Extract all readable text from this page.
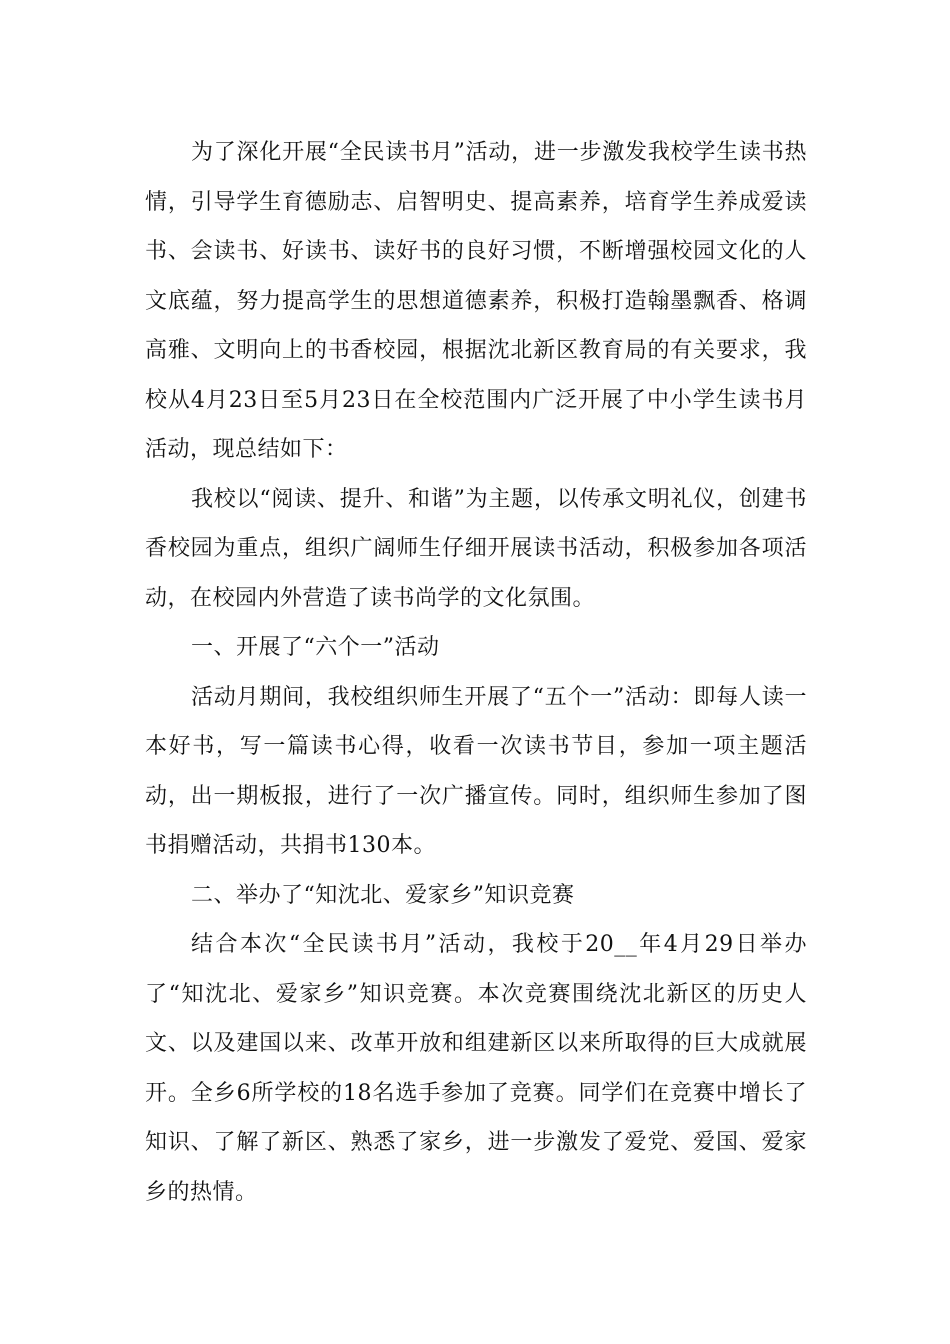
为了深化开展“全民读书月”活动，进一步激发我校学生读书热情，引导学生育德励志、启智明史、提高素养，培育学生养成爱读书、会读书、好读书、读好书的良好习惯，不断增强校园文化的人文底蕴，努力提高学生的思想道德素养，积极打造翰墨飘香、格调高雅、文明向上的书香校园，根据沈北新区教育局的有关要求，我校从4月23日至5月23日在全校范围内广泛开展了中小学生读书月活动，现总结如下：

我校以“阅读、提升、和谐”为主题，以传承文明礼仪，创建书香校园为重点，组织广阔师生仔细开展读书活动，积极参加各项活动，在校园内外营造了读书尚学的文化氛围。

一、开展了“六个一”活动

活动月期间，我校组织师生开展了“五个一”活动：即每人读一本好书，写一篇读书心得，收看一次读书节目，参加一项主题活动，出一期板报，进行了一次广播宣传。同时，组织师生参加了图书捐赠活动，共捐书130本。

二、举办了“知沈北、爱家乡”知识竞赛

结合本次“全民读书月”活动，我校于20__年4月29日举办了“知沈北、爱家乡”知识竞赛。本次竞赛围绕沈北新区的历史人文、以及建国以来、改革开放和组建新区以来所取得的巨大成就展开。全乡6所学校的18名选手参加了竞赛。同学们在竞赛中增长了知识、了解了新区、熟悉了家乡，进一步激发了爱党、爱国、爱家乡的热情。
